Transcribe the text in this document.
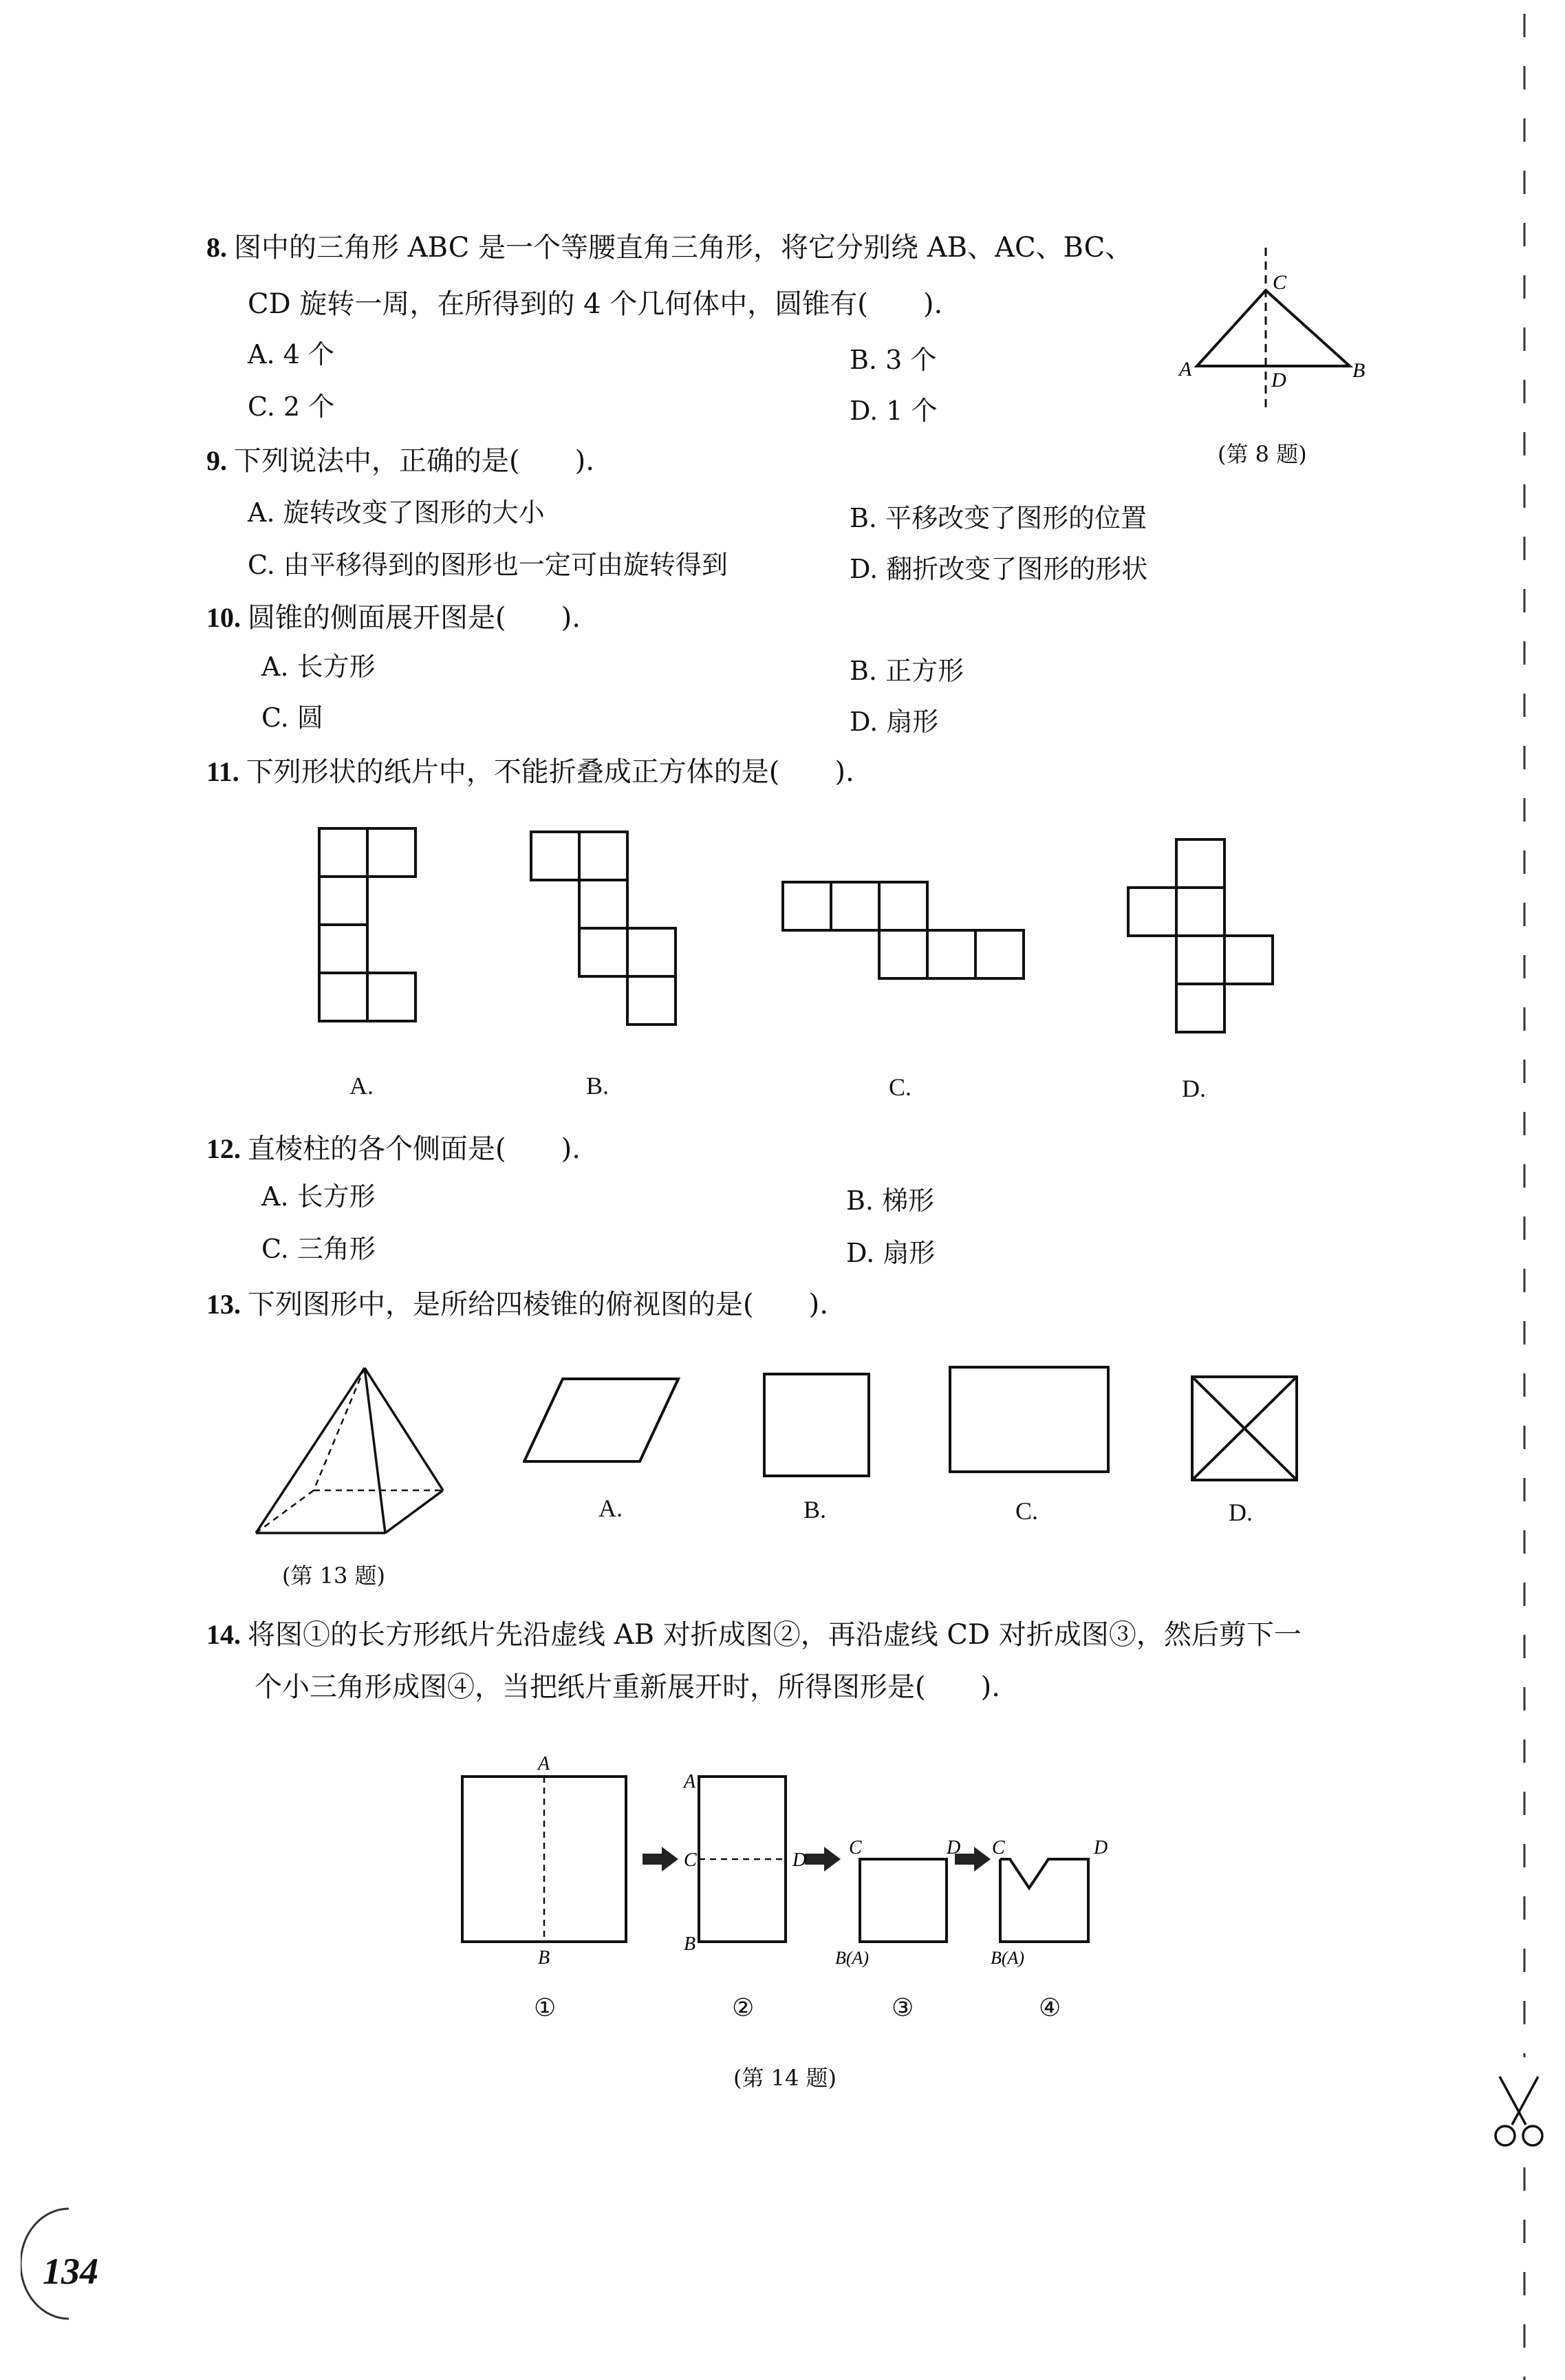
8. 图中的三角形 ABC 是一个等腰直角三角形，将它分别绕 AB、AC、BC、
CD 旋转一周，在所得到的 4 个几何体中，圆锥有(　　).
A. 4 个	B. 3 个
C. 2 个	D. 1 个
A	B
C
D
(第 8 题)
9. 下列说法中，正确的是(　　).
A. 旋转改变了图形的大小	B. 平移改变了图形的位置
C. 由平移得到的图形也一定可由旋转得到	D. 翻折改变了图形的形状
10. 圆锥的侧面展开图是(　　).
A. 长方形	B. 正方形
C. 圆	D. 扇形
11. 下列形状的纸片中，不能折叠成正方体的是(　　).
A.	B.	C.	D.
12. 直棱柱的各个侧面是(　　).
A. 长方形	B. 梯形
C. 三角形	D. 扇形
13. 下列图形中，是所给四棱锥的俯视图的是(　　).
A.	B.	C.	D.
(第 13 题)
14. 将图①的长方形纸片先沿虚线 AB 对折成图②，再沿虚线 CD 对折成图③，然后剪下一
个小三角形成图④，当把纸片重新展开时，所得图形是(　　).
A
B
A
C	D
B
C	D
B(A)
C	D
B(A)
①	②	③	④
(第 14 题)
134
